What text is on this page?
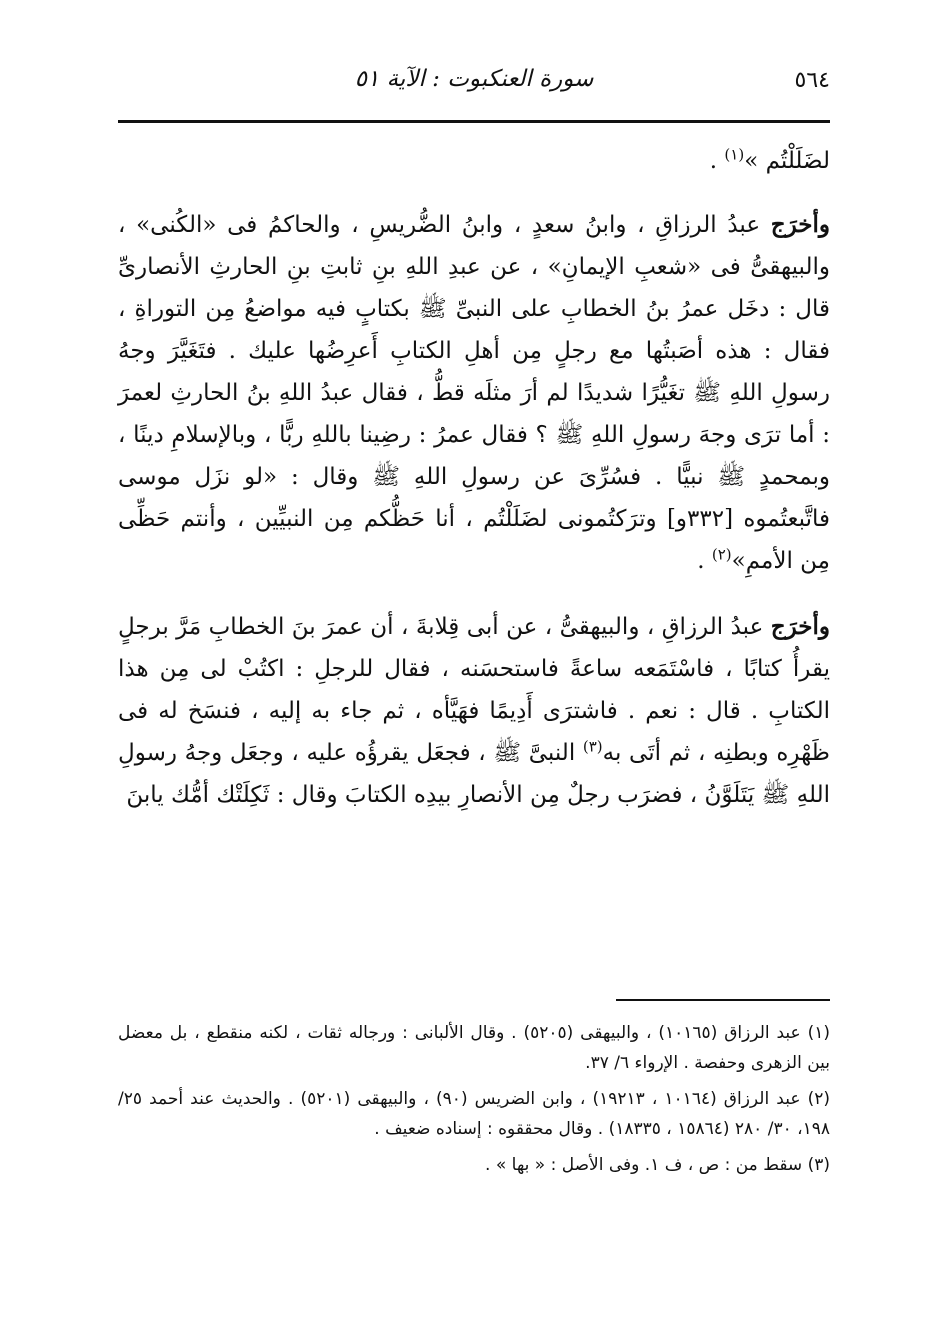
٥٦٤
سورة العنكبوت : الآية ٥١

لضَلَلْتُم »$^{(١)}$ .

وأخرَج عبدُ الرزاقِ ، وابنُ سعدٍ ، وابنُ الضُّريسِ ، والحاكمُ فى «الكُنى» ، والبيهقىُّ فى «شعبِ الإيمانِ» ، عن عبدِ اللهِ بنِ ثابتِ بنِ الحارثِ الأنصارىِّ قال : دخَل عمرُ بنُ الخطابِ على النبىِّ ﷺ بكتابٍ فيه مواضعُ مِن التوراةِ ، فقال : هذه أصَبتُها مع رجلٍ مِن أهلِ الكتابِ أَعرِضُها عليك . فتَغَيَّرَ وجهُ رسولِ اللهِ ﷺ تغَيُّرًا شديدًا لم أرَ مثلَه قطُّ ، فقال عبدُ اللهِ بنُ الحارثِ لعمرَ : أما ترَى وجهَ رسولِ اللهِ ﷺ ؟ فقال عمرُ : رضِينا باللهِ ربًّا ، وبالإسلامِ دينًا ، وبمحمدٍ ﷺ نبيًّا . فسُرِّىَ عن رسولِ اللهِ ﷺ وقال : «لو نزَل موسى فاتَّبعتُموه [٣٣٢و] وترَكتُمونى لضَلَلْتُم ، أنا حَظُّكم مِن النبيِّين ، وأنتم حَظِّى مِن الأممِ»$^{(٢)}$ .

وأخرَج عبدُ الرزاقِ ، والبيهقىُّ ، عن أبى قِلابةَ ، أن عمرَ بنَ الخطابِ مَرَّ برجلٍ يقرأُ كتابًا ، فاسْتَمَعه ساعةً فاستحسَنه ، فقال للرجلِ : اكتُبْ لى مِن هذا الكتابِ . قال : نعم . فاشترَى أَدِيمًا فهَيَّأه ، ثم جاء به إليه ، فنسَخ له فى ظَهْرِه وبطنِه ، ثم أتَى به$^{(٣)}$ النبىَّ ﷺ ، فجعَل يقرؤُه عليه ، وجعَل وجهُ رسولِ اللهِ ﷺ يَتَلَوَّنُ ، فضرَب رجلٌ مِن الأنصارِ بيدِه الكتابَ وقال : ثَكِلَتْك أمُّك يابنَ

(١) عبد الرزاق (١٠١٦٥) ، والبيهقى (٥٢٠٥) . وقال الألبانى : ورجاله ثقات ، لكنه منقطع ، بل معضل بين الزهرى وحفصة . الإرواء ٦/ ٣٧.

(٢) عبد الرزاق (١٠١٦٤ ، ١٩٢١٣) ، وابن الضريس (٩٠) ، والبيهقى (٥٢٠١) . والحديث عند أحمد ٢٥/ ١٩٨، ٣٠/ ٢٨٠ (١٥٨٦٤ ، ١٨٣٣٥) . وقال محققوه : إسناده ضعيف .

(٣) سقط من : ص ، ف ١. وفى الأصل : « بها » .
